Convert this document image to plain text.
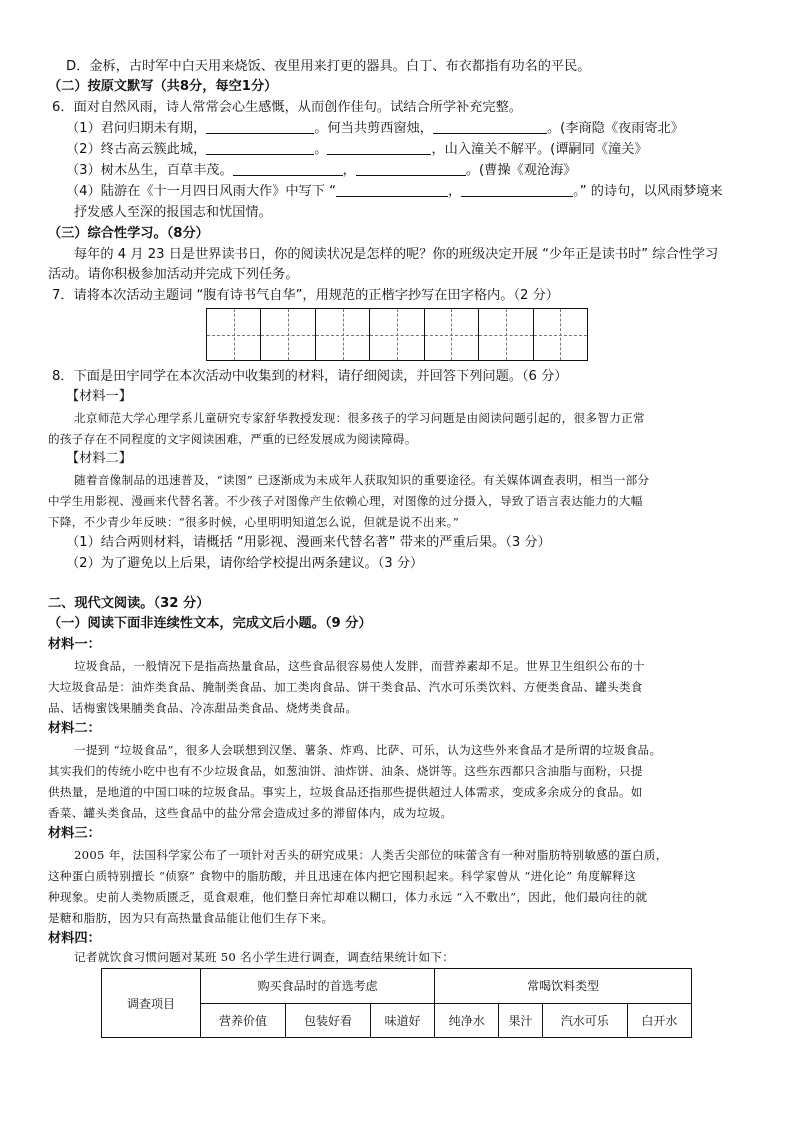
D．金柝，古时军中白天用来烧饭、夜里用来打更的器具。白丁、布衣都指有功名的平民。
（二）按原文默写（共8分，每空1分）
6．面对自然风雨，诗人常常会心生感慨，从而创作佳句。试结合所学补充完整。
（1）君问归期未有期，	。何当共剪西窗烛，	。(李商隐《夜雨寄北》
（2）终古高云簇此城，	。	，山入潼关不解平。(谭嗣同《潼关》
（3）树木丛生，百草丰茂。	，	。(曹操《观沧海》
（4）陆游在《十一月四日风雨大作》中写下 “	，	。” 的诗句，以风雨梦境来
抒发感人至深的报国志和忧国情。
（三）综合性学习。（8分）
每年的 4 月 23 日是世界读书日，你的阅读状况是怎样的呢？你的班级决定开展 “少年正是读书时” 综合性学习
活动。请你积极参加活动并完成下列任务。
7．请将本次活动主题词 “腹有诗书气自华”，用规范的正楷字抄写在田字格内。（2 分）
8．下面是田宇同学在本次活动中收集到的材料，请仔细阅读，并回答下列问题。（6 分）
【材料一】
北京师范大学心理学系儿童研究专家舒华教授发现：很多孩子的学习问题是由阅读问题引起的，很多智力正常
的孩子存在不同程度的文字阅读困难，严重的已经发展成为阅读障碍。
【材料二】
随着音像制品的迅速普及，“读图” 已逐渐成为未成年人获取知识的重要途径。有关媒体调查表明，相当一部分
中学生用影视、漫画来代替名著。不少孩子对图像产生依赖心理，对图像的过分摄入，导致了语言表达能力的大幅
下降，不少青少年反映：“很多时候，心里明明知道怎么说，但就是说不出来。”
（1）结合两则材料，请概括 “用影视、漫画来代替名著” 带来的严重后果。（3 分）
（2）为了避免以上后果，请你给学校提出两条建议。（3 分）
二、现代文阅读。（32 分）
（一）阅读下面非连续性文本，完成文后小题。（9 分）
材料一：
垃圾食品，一般情况下是指高热量食品，这些食品很容易使人发胖，而营养素却不足。世界卫生组织公布的十
大垃圾食品是：油炸类食品、腌制类食品、加工类肉食品、饼干类食品、汽水可乐类饮料、方便类食品、罐头类食
品、话梅蜜饯果脯类食品、冷冻甜品类食品、烧烤类食品。
材料二：
一提到 “垃圾食品”，很多人会联想到汉堡、薯条、炸鸡、比萨、可乐，认为这些外来食品才是所谓的垃圾食品。
其实我们的传统小吃中也有不少垃圾食品，如葱油饼、油炸饼、油条、烧饼等。这些东西都只含油脂与面粉，只提
供热量，是地道的中国口味的垃圾食品。事实上，垃圾食品还指那些提供超过人体需求，变成多余成分的食品。如
香菜、罐头类食品，这些食品中的盐分常会造成过多的滞留体内，成为垃圾。
材料三：
2005 年，法国科学家公布了一项针对舌头的研究成果：人类舌尖部位的味蕾含有一种对脂肪特别敏感的蛋白质，
这种蛋白质特别擅长 “侦察” 食物中的脂肪酸，并且迅速在体内把它囤积起来。科学家曾从 “进化论” 角度解释这
种现象。史前人类物质匮乏，觅食艰难，他们整日奔忙却难以糊口，体力永远 “入不敷出”，因此，他们最向往的就
是糖和脂肪，因为只有高热量食品能让他们生存下来。
材料四：
记者就饮食习惯问题对某班 50 名小学生进行调查，调查结果统计如下：
调查项目	购买食品时的首选考虑			常喝饮料类型			
	营养价值	包装好看	味道好	纯净水	果汁	汽水可乐	白开水
